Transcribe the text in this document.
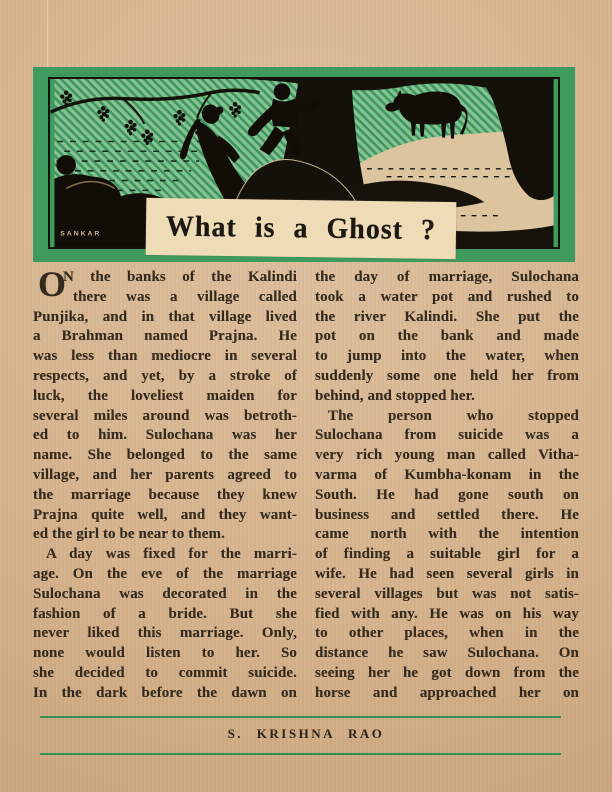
SANKAR What is a Ghost ?
O
N the banks of the Kalindi
there was a village called
Punjika, and in that village lived
a Brahman named Prajna. He
was less than mediocre in several
respects, and yet, by a stroke of
luck, the loveliest maiden for
several miles around was betroth-
ed to him. Sulochana was her
name. She belonged to the same
village, and her parents agreed to
the marriage because they knew
Prajna quite well, and they want-
ed the girl to be near to them.
A day was fixed for the marri-
age. On the eve of the marriage
Sulochana was decorated in the
fashion of a bride. But she
never liked this marriage. Only,
none would listen to her. So
she decided to commit suicide.
In the dark before the dawn on
the day of marriage, Sulochana
took a water pot and rushed to
the river Kalindi. She put the
pot on the bank and made
to jump into the water, when
suddenly some one held her from
behind, and stopped her.
The person who stopped
Sulochana from suicide was a
very rich young man called Vitha-
varma of Kumbha-konam in the
South. He had gone south on
business and settled there. He
came north with the intention
of finding a suitable girl for a
wife. He had seen several girls in
several villages but was not satis-
fied with any. He was on his way
to other places, when in the
distance he saw Sulochana. On
seeing her he got down from the
horse and approached her on
S. KRISHNA RAO
